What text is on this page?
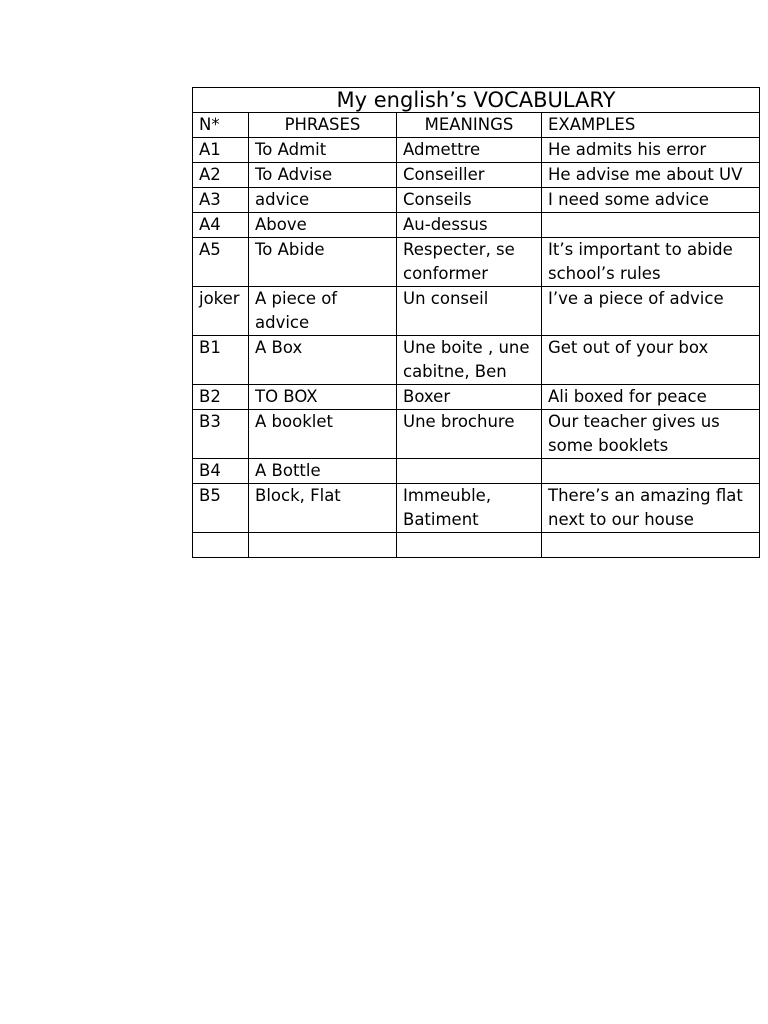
My english’s VOCABULARY			
N*	PHRASES	MEANINGS	EXAMPLES
A1	To Admit	Admettre	He admits his error
A2	To Advise	Conseiller	He advise me about UV
A3	advice	Conseils	I need some advice
A4	Above	Au-dessus	
A5	To Abide	Respecter, se conformer	It’s important to abide school’s rules
joker	A piece of advice	Un conseil	I’ve a piece of advice
B1	A Box	Une boite , une cabitne, Ben	Get out of your box
B2	TO BOX	Boxer	Ali boxed for peace
B3	A booklet	Une brochure	Our teacher gives us some booklets
B4	A Bottle		
B5	Block, Flat	Immeuble, Batiment	There’s an amazing flat next to our house
